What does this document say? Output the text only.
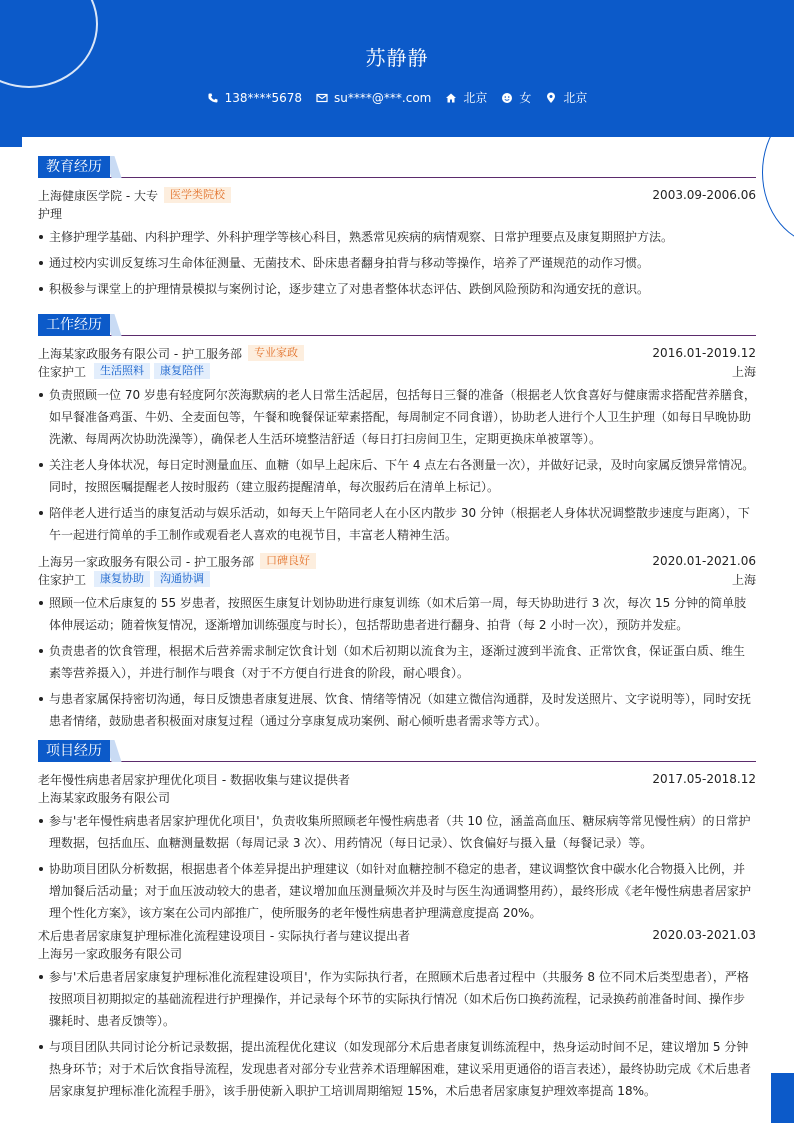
苏静静
138****5678	su****@***.com	北京	女	北京
教育经历
上海健康医学院 - 大专	医学类院校	2003.09-2006.06
护理
主修护理学基础、内科护理学、外科护理学等核心科目，熟悉常见疾病的病情观察、日常护理要点及康复期照护方法。
通过校内实训反复练习生命体征测量、无菌技术、卧床患者翻身拍背与移动等操作，培养了严谨规范的动作习惯。
积极参与课堂上的护理情景模拟与案例讨论，逐步建立了对患者整体状态评估、跌倒风险预防和沟通安抚的意识。
工作经历
上海某家政服务有限公司 - 护工服务部	专业家政	2016.01-2019.12
住家护工	生活照料	康复陪伴	上海
负责照顾一位 70 岁患有轻度阿尔茨海默病的老人日常生活起居，包括每日三餐的准备（根据老人饮食喜好与健康需求搭配营养膳食，如早餐准备鸡蛋、牛奶、全麦面包等，午餐和晚餐保证荤素搭配，每周制定不同食谱），协助老人进行个人卫生护理（如每日早晚协助洗漱、每周两次协助洗澡等），确保老人生活环境整洁舒适（每日打扫房间卫生，定期更换床单被罩等）。
关注老人身体状况，每日定时测量血压、血糖（如早上起床后、下午 4 点左右各测量一次），并做好记录，及时向家属反馈异常情况。同时，按照医嘱提醒老人按时服药（建立服药提醒清单，每次服药后在清单上标记）。
陪伴老人进行适当的康复活动与娱乐活动，如每天上午陪同老人在小区内散步 30 分钟（根据老人身体状况调整散步速度与距离），下午一起进行简单的手工制作或观看老人喜欢的电视节目，丰富老人精神生活。
上海另一家政服务有限公司 - 护工服务部	口碑良好	2020.01-2021.06
住家护工	康复协助	沟通协调	上海
照顾一位术后康复的 55 岁患者，按照医生康复计划协助进行康复训练（如术后第一周，每天协助进行 3 次，每次 15 分钟的简单肢体伸展运动；随着恢复情况，逐渐增加训练强度与时长），包括帮助患者进行翻身、拍背（每 2 小时一次），预防并发症。
负责患者的饮食管理，根据术后营养需求制定饮食计划（如术后初期以流食为主，逐渐过渡到半流食、正常饮食，保证蛋白质、维生素等营养摄入），并进行制作与喂食（对于不方便自行进食的阶段，耐心喂食）。
与患者家属保持密切沟通，每日反馈患者康复进展、饮食、情绪等情况（如建立微信沟通群，及时发送照片、文字说明等），同时安抚患者情绪，鼓励患者积极面对康复过程（通过分享康复成功案例、耐心倾听患者需求等方式）。
项目经历
老年慢性病患者居家护理优化项目 - 数据收集与建议提供者	2017.05-2018.12
上海某家政服务有限公司
参与'老年慢性病患者居家护理优化项目'，负责收集所照顾老年慢性病患者（共 10 位，涵盖高血压、糖尿病等常见慢性病）的日常护理数据，包括血压、血糖测量数据（每周记录 3 次）、用药情况（每日记录）、饮食偏好与摄入量（每餐记录）等。
协助项目团队分析数据，根据患者个体差异提出护理建议（如针对血糖控制不稳定的患者，建议调整饮食中碳水化合物摄入比例，并增加餐后活动量；对于血压波动较大的患者，建议增加血压测量频次并及时与医生沟通调整用药），最终形成《老年慢性病患者居家护理个性化方案》，该方案在公司内部推广，使所服务的老年慢性病患者护理满意度提高 20%。
术后患者居家康复护理标准化流程建设项目 - 实际执行者与建议提出者	2020.03-2021.03
上海另一家政服务有限公司
参与'术后患者居家康复护理标准化流程建设项目'，作为实际执行者，在照顾术后患者过程中（共服务 8 位不同术后类型患者），严格按照项目初期拟定的基础流程进行护理操作，并记录每个环节的实际执行情况（如术后伤口换药流程，记录换药前准备时间、操作步骤耗时、患者反馈等）。
与项目团队共同讨论分析记录数据，提出流程优化建议（如发现部分术后患者康复训练流程中，热身运动时间不足，建议增加 5 分钟热身环节；对于术后饮食指导流程，发现患者对部分专业营养术语理解困难，建议采用更通俗的语言表述），最终协助完成《术后患者居家康复护理标准化流程手册》，该手册使新入职护工培训周期缩短 15%，术后患者居家康复护理效率提高 18%。
